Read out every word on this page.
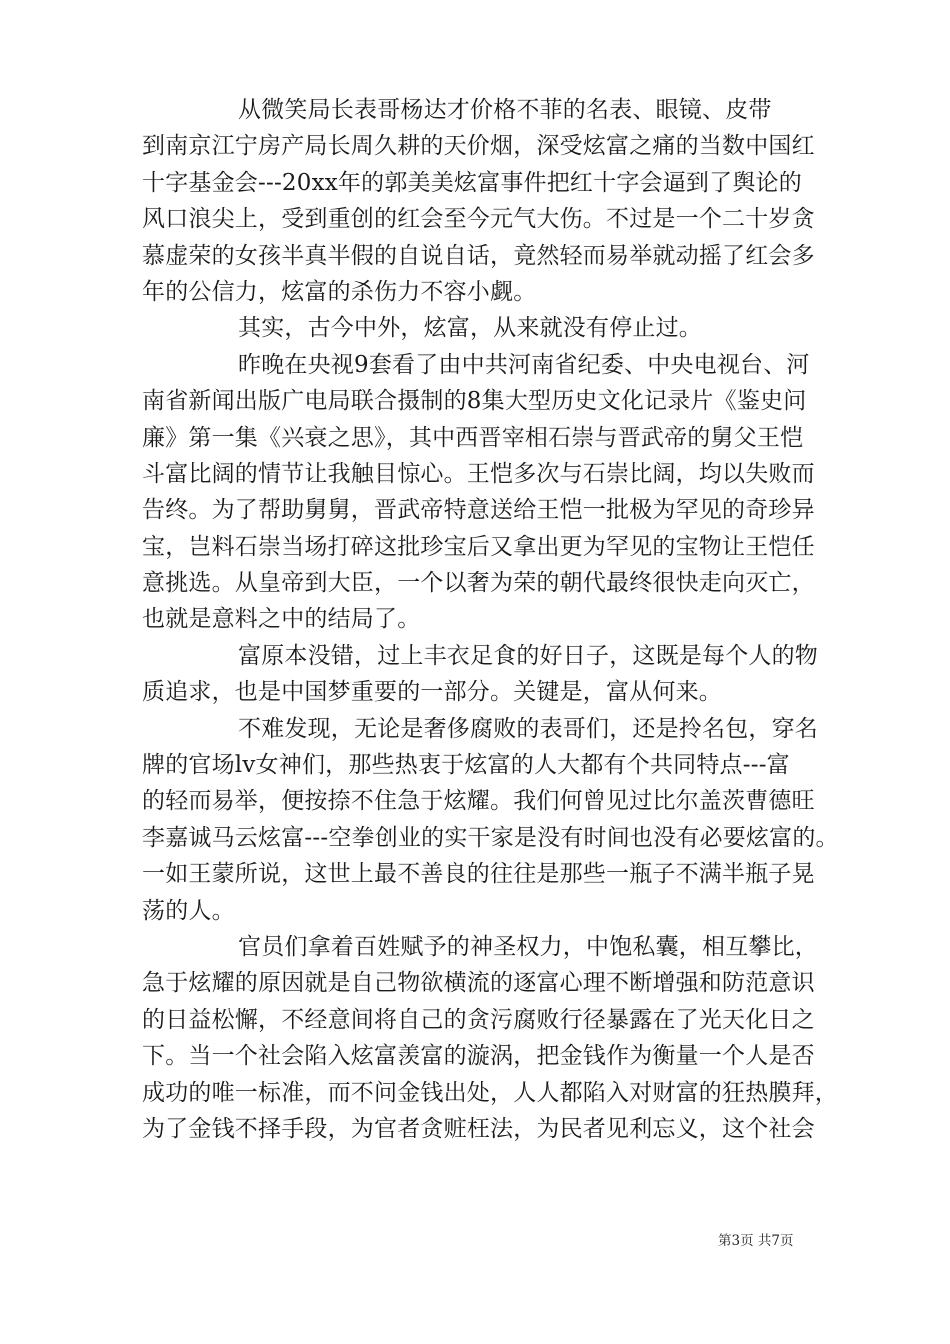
从微笑局长表哥杨达才价格不菲的名表、眼镜、皮带
到南京江宁房产局长周久耕的天价烟，深受炫富之痛的当数中国红
十字基金会---20xx年的郭美美炫富事件把红十字会逼到了舆论的
风口浪尖上，受到重创的红会至今元气大伤。不过是一个二十岁贪
慕虚荣的女孩半真半假的自说自话，竟然轻而易举就动摇了红会多
年的公信力，炫富的杀伤力不容小觑。
其实，古今中外，炫富，从来就没有停止过。
昨晚在央视9套看了由中共河南省纪委、中央电视台、河
南省新闻出版广电局联合摄制的8集大型历史文化记录片《鉴史问
廉》第一集《兴衰之思》，其中西晋宰相石崇与晋武帝的舅父王恺
斗富比阔的情节让我触目惊心。王恺多次与石崇比阔，均以失败而
告终。为了帮助舅舅，晋武帝特意送给王恺一批极为罕见的奇珍异
宝，岂料石崇当场打碎这批珍宝后又拿出更为罕见的宝物让王恺任
意挑选。从皇帝到大臣，一个以奢为荣的朝代最终很快走向灭亡，
也就是意料之中的结局了。
富原本没错，过上丰衣足食的好日子，这既是每个人的物
质追求，也是中国梦重要的一部分。关键是，富从何来。
不难发现，无论是奢侈腐败的表哥们，还是拎名包，穿名
牌的官场lv女神们，那些热衷于炫富的人大都有个共同特点---富
的轻而易举，便按捺不住急于炫耀。我们何曾见过比尔盖茨曹德旺
李嘉诚马云炫富---空拳创业的实干家是没有时间也没有必要炫富的。
一如王蒙所说，这世上最不善良的往往是那些一瓶子不满半瓶子晃
荡的人。
官员们拿着百姓赋予的神圣权力，中饱私囊，相互攀比，
急于炫耀的原因就是自己物欲横流的逐富心理不断增强和防范意识
的日益松懈，不经意间将自己的贪污腐败行径暴露在了光天化日之
下。当一个社会陷入炫富羡富的漩涡，把金钱作为衡量一个人是否
成功的唯一标准，而不问金钱出处，人人都陷入对财富的狂热膜拜，
为了金钱不择手段，为官者贪赃枉法，为民者见利忘义，这个社会
第3页 共7页
